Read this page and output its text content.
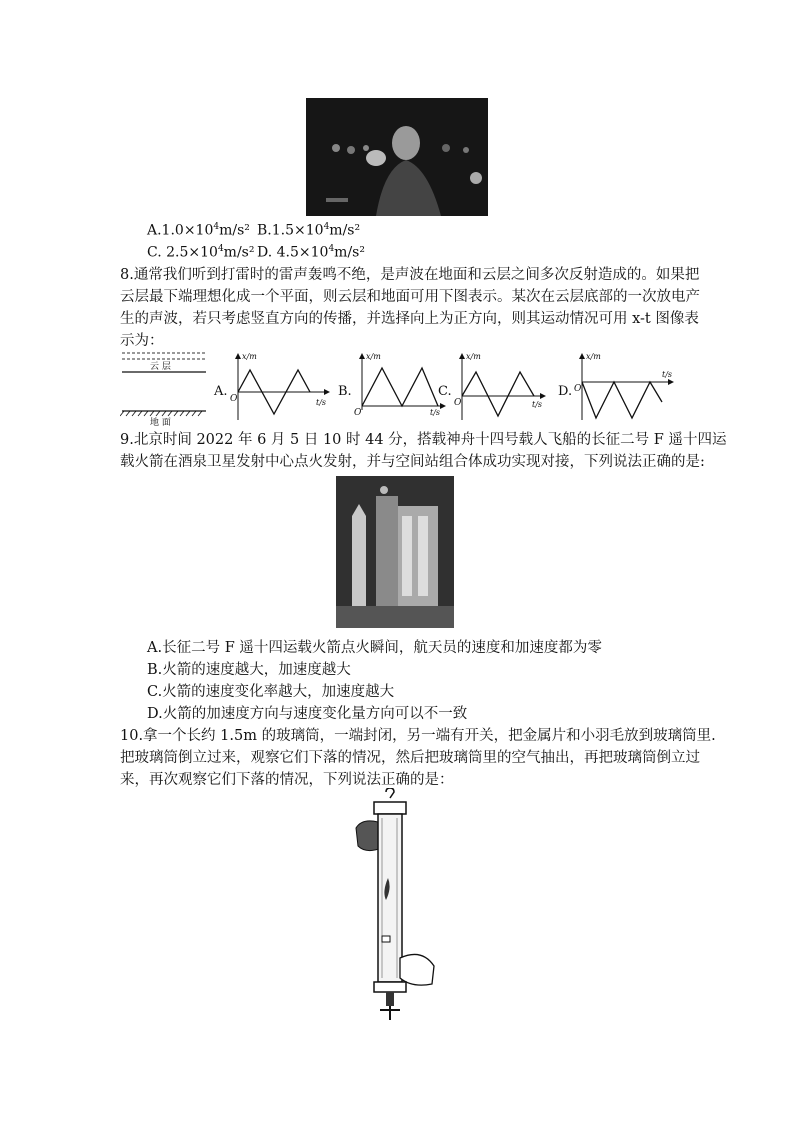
$A.1.0\times 10^4m/s^2$ $B.1.5\times 10^4m/s^2$
C. $2.5\times 10^4m/s^2$ D. $4.5\times 10^4m/s^2$
8.通常我们听到打雷时的雷声轰鸣不绝，是声波在地面和云层之间多次反射造成的。如果把
云层最下端理想化成一个平面，则云层和地面可用下图表示。某次在云层底部的一次放电产
生的声波，若只考虑竖直方向的传播，并选择向上为正方向，则其运动情况可用 x-t 图像表
示为：
云 层
地 面
A.
x/m
O	t/s
B.
x/m
O	t/s
C.
x/m
O	t/s
D.
x/m
O
t/s
9.北京时间 2022 年 6 月 5 日 10 时 44 分，搭载神舟十四号载人飞船的长征二号 F 遥十四运
载火箭在酒泉卫星发射中心点火发射，并与空间站组合体成功实现对接，下列说法正确的是:
A.长征二号 F 遥十四运载火箭点火瞬间，航天员的速度和加速度都为零
B.火箭的速度越大，加速度越大
C.火箭的速度变化率越大，加速度越大
D.火箭的加速度方向与速度变化量方向可以不一致
10.拿一个长约 1.5m 的玻璃筒，一端封闭，另一端有开关，把金属片和小羽毛放到玻璃筒里.
把玻璃筒倒立过来，观察它们下落的情况，然后把玻璃筒里的空气抽出，再把玻璃筒倒立过
来，再次观察它们下落的情况，下列说法正确的是：
